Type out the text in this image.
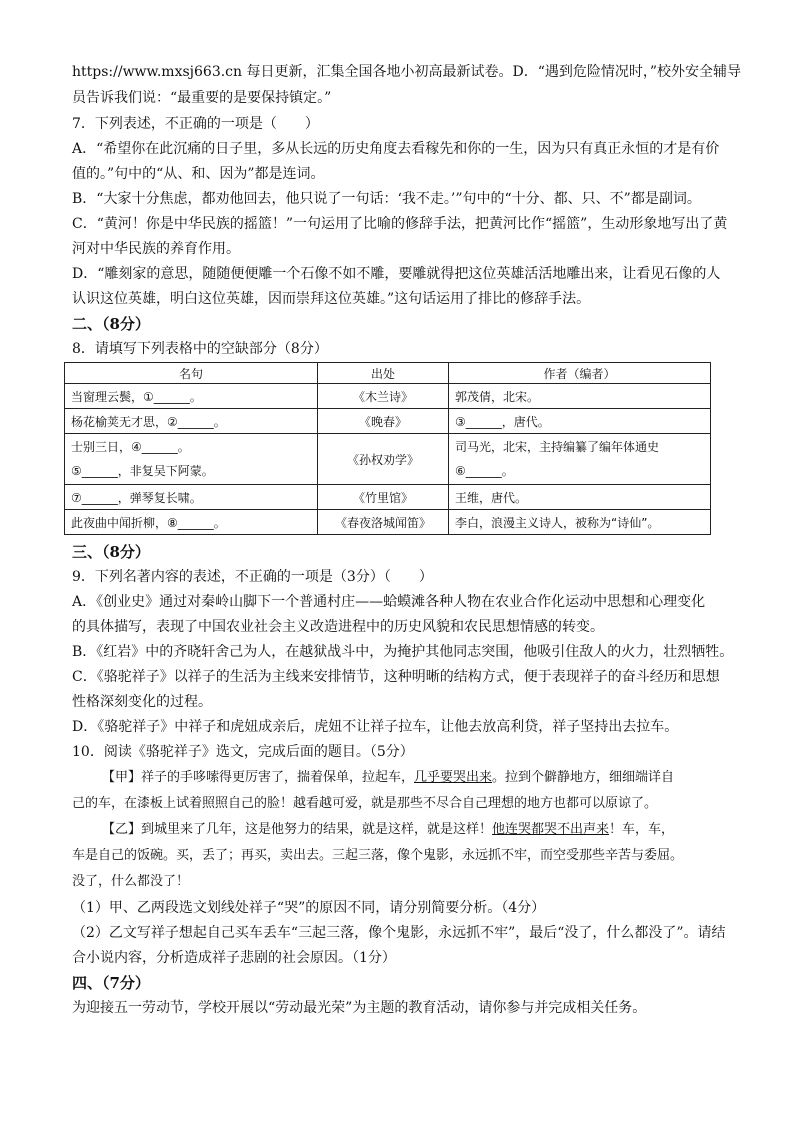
https://www.mxsj663.cn 每日更新，汇集全国各地小初高最新试卷。D．“遇到危险情况时，”校外安全辅导
员告诉我们说：“最重要的是要保持镇定。”
7．下列表述，不正确的一项是（　　）
A．“希望你在此沉痛的日子里，多从长远的历史角度去看稼先和你的一生，因为只有真正永恒的才是有价
值的。”句中的“从、和、因为”都是连词。
B．“大家十分焦虑，都劝他回去，他只说了一句话：‘我不走。’”句中的“十分、都、只、不”都是副词。
C．“黄河！你是中华民族的摇篮！”一句运用了比喻的修辞手法，把黄河比作“摇篮”，生动形象地写出了黄
河对中华民族的养育作用。
D．“雕刻家的意思，随随便便雕一个石像不如不雕，要雕就得把这位英雄活活地雕出来，让看见石像的人
认识这位英雄，明白这位英雄，因而崇拜这位英雄。”这句话运用了排比的修辞手法。
二、（8分）
8．请填写下列表格中的空缺部分（8分）
名句	出处	作者（编者）
当窗理云鬓，①______。	《木兰诗》	郭茂倩，北宋。
杨花榆荚无才思，②______。	《晚春》	③______，唐代。

士别三日，④______。
⑤______，非复吴下阿蒙。	《孙权劝学》	司马光，北宋，主持编纂了编年体通史
⑥______。

⑦______，弹琴复长啸。	《竹里馆》	王维，唐代。
此夜曲中闻折柳，⑧______。	《春夜洛城闻笛》	李白，浪漫主义诗人，被称为“诗仙”。
三、（8分）
9．下列名著内容的表述，不正确的一项是（3分）（　　）
A．《创业史》通过对秦岭山脚下一个普通村庄——蛤蟆滩各种人物在农业合作化运动中思想和心理变化
的具体描写，表现了中国农业社会主义改造进程中的历史风貌和农民思想情感的转变。
B．《红岩》中的齐晓轩舍己为人，在越狱战斗中，为掩护其他同志突围，他吸引住敌人的火力，壮烈牺牲。
C．《骆驼祥子》以祥子的生活为主线来安排情节，这种明晰的结构方式，便于表现祥子的奋斗经历和思想
性格深刻变化的过程。
D．《骆驼祥子》中祥子和虎妞成亲后，虎妞不让祥子拉车，让他去放高利贷，祥子坚持出去拉车。
10．阅读《骆驼祥子》选文，完成后面的题目。（5分）
【甲】祥子的手哆嗦得更厉害了，揣着保单，拉起车，几乎要哭出来。拉到个僻静地方，细细端详自
己的车，在漆板上试着照照自己的脸！越看越可爱，就是那些不尽合自己理想的地方也都可以原谅了。
【乙】到城里来了几年，这是他努力的结果，就是这样，就是这样！他连哭都哭不出声来！车，车，
车是自己的饭碗。买，丢了；再买，卖出去。三起三落，像个鬼影，永远抓不牢，而空受那些辛苦与委屈。
没了，什么都没了！
（1）甲、乙两段选文划线处祥子“哭”的原因不同，请分别简要分析。（4分）
（2）乙文写祥子想起自己买车丢车“三起三落，像个鬼影，永远抓不牢”，最后“没了，什么都没了”。请结
合小说内容，分析造成祥子悲剧的社会原因。（1分）
四、（7分）
为迎接五一劳动节，学校开展以“劳动最光荣”为主题的教育活动，请你参与并完成相关任务。
